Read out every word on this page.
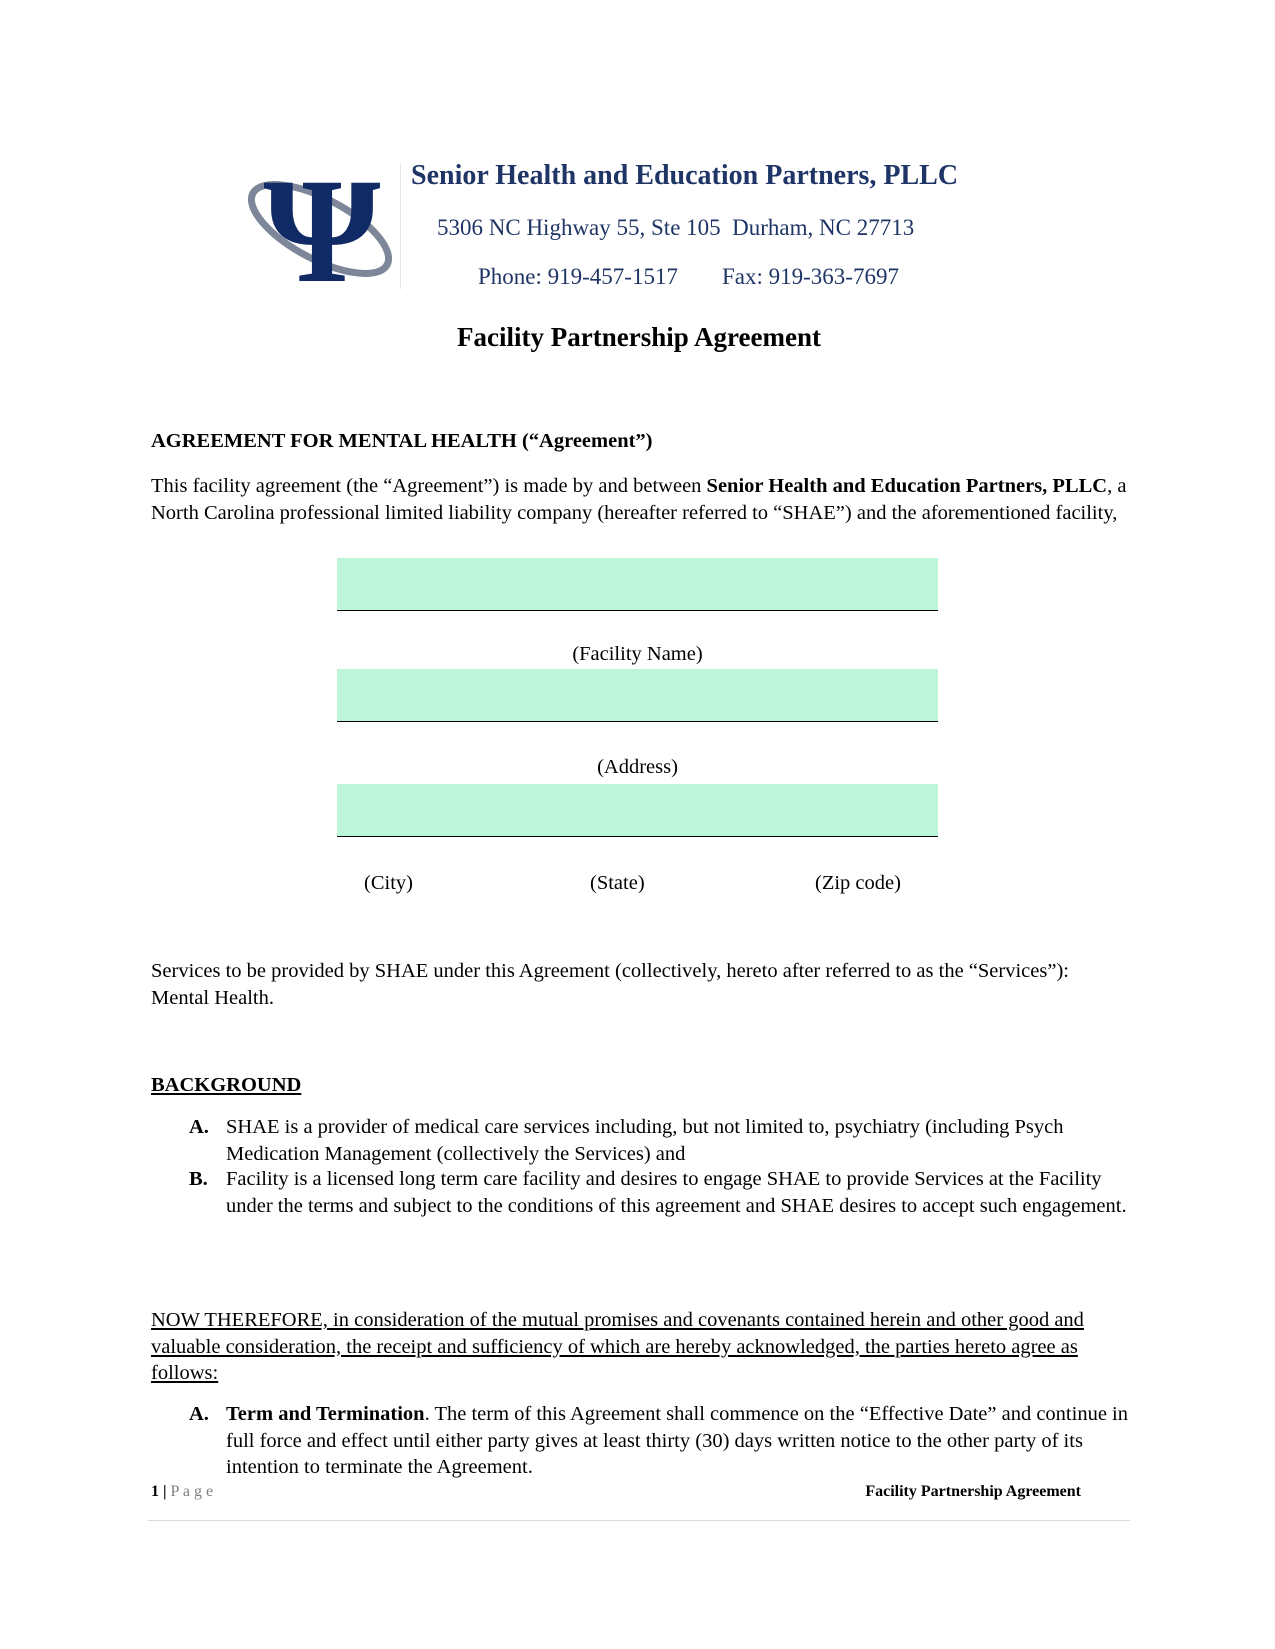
Ψ Senior Health and Education Partners, PLLC
5306 NC Highway 55, Ste 105  Durham, NC 27713
Phone: 919-457-1517 Fax: 919-363-7697
Facility Partnership Agreement
AGREEMENT FOR MENTAL HEALTH (“Agreement”)
This facility agreement (the “Agreement”) is made by and between Senior Health and Education Partners, PLLC, a North Carolina professional limited liability company (hereafter referred to “SHAE”) and the aforementioned facility,
(Facility Name)
(Address)
(City)	(State)	(Zip code)
Services to be provided by SHAE under this Agreement (collectively, hereto after referred to as the “Services”): Mental Health.
BACKGROUND
A. SHAE is a provider of medical care services including, but not limited to, psychiatry (including Psych Medication Management (collectively the Services) and
B. Facility is a licensed long term care facility and desires to engage SHAE to provide Services at the Facility under the terms and subject to the conditions of this agreement and SHAE desires to accept such engagement.
NOW THEREFORE, in consideration of the mutual promises and covenants contained herein and other good and valuable consideration, the receipt and sufficiency of which are hereby acknowledged, the parties hereto agree as follows:
A. Term and Termination. The term of this Agreement shall commence on the “Effective Date” and continue in full force and effect until either party gives at least thirty (30) days written notice to the other party of its intention to terminate the Agreement.
1 | P a g e	Facility Partnership Agreement
